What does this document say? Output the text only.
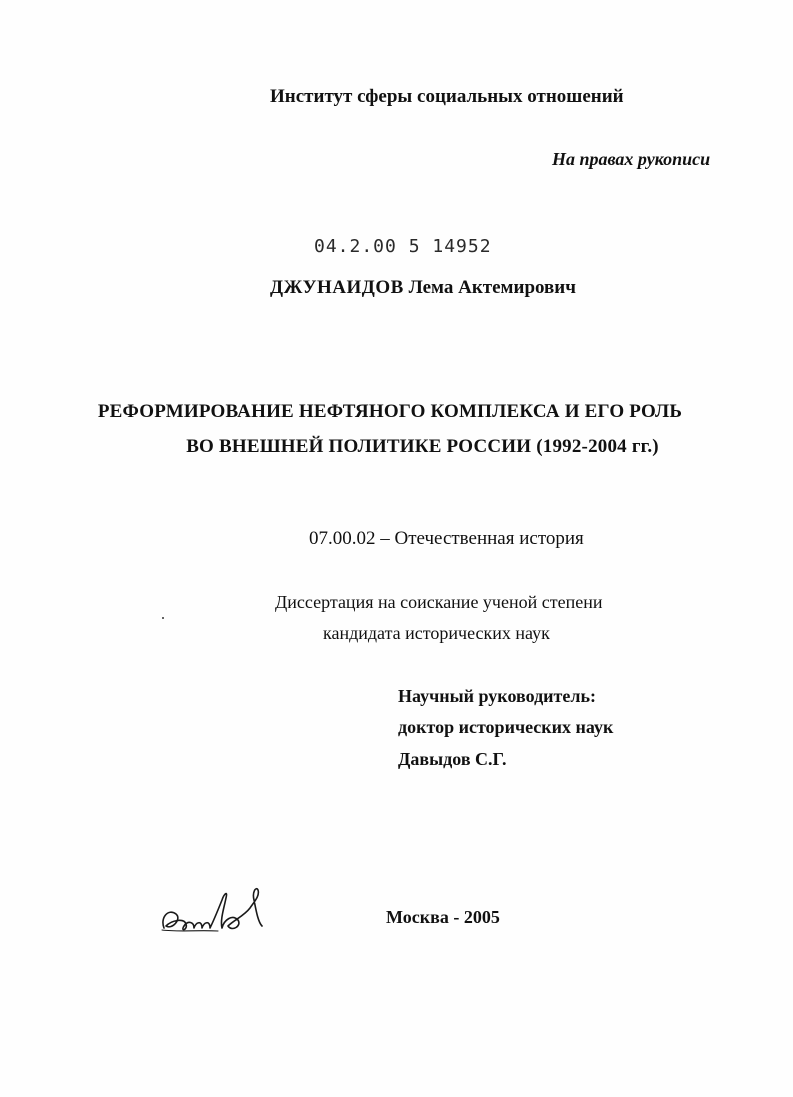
Институт сферы социальных отношений

На правах рукописи

04.2.00 5 14952

ДЖУНАИДОВ Лема Актемирович

РЕФОРМИРОВАНИЕ НЕФТЯНОГО КОМПЛЕКСА И ЕГО РОЛЬ

ВО ВНЕШНЕЙ ПОЛИТИКЕ РОССИИ (1992-2004 гг.)

07.00.02 – Отечественная история

Диссертация на соискание ученой степени

кандидата исторических наук

Научный руководитель:

доктор исторических наук

Давыдов С.Г.

Москва - 2005
